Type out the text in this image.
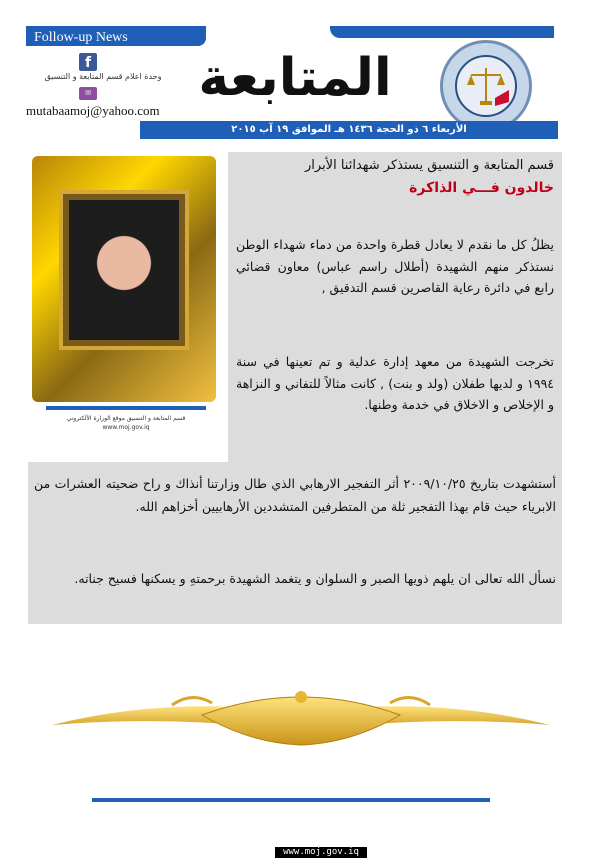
Follow-up News
f
وحدة اعلام قسم المتابعة و التنسيق
✉
mutabaamoj@yahoo.com
المتابعة
الأربعاء ٦ ذو الحجة ١٤٣٦ هـ الموافق ١٩ آب ٢٠١٥
قسم المتابعة و التنسيق موقع الوزارة الألكتروني
www.moj.gov.iq
قسم المتابعة و التنسيق يستذكر شهدائنا الأبرار
خالدون فـــي الذاكرة
يظلُ كل ما نقدم لا يعادل قطرة واحدة من دماء شهداء الوطن نستذكر منهم الشهيدة (أطلال راسم عباس) معاون قضائي رابع في دائرة رعاية القاصرين قسم التدقيق ,
تخرجت الشهيدة من معهد إدارة عدلية و تم تعينها في سنة ١٩٩٤ و لديها طفلان (ولد و بنت) , كانت مثالاً للتفاني و النزاهة و الإخلاص و الاخلاق في خدمة وطنها.
أستشهدت بتاريخ ٢٠٠٩/١٠/٢٥ أثر التفجير الارهابي الذي طال وزارتنا أنذاك و راح ضحيته العشرات من الابرياء حيث قام بهذا التفجير ثلة من المتطرفين المتشددين الأرهابيين أخزاهم الله.
نسأل الله تعالى ان يلهم ذويها الصبر و السلوان و يتغمد الشهيدة برحمتهِ و يسكنها فسيح جناته.
www.moj.gov.iq
